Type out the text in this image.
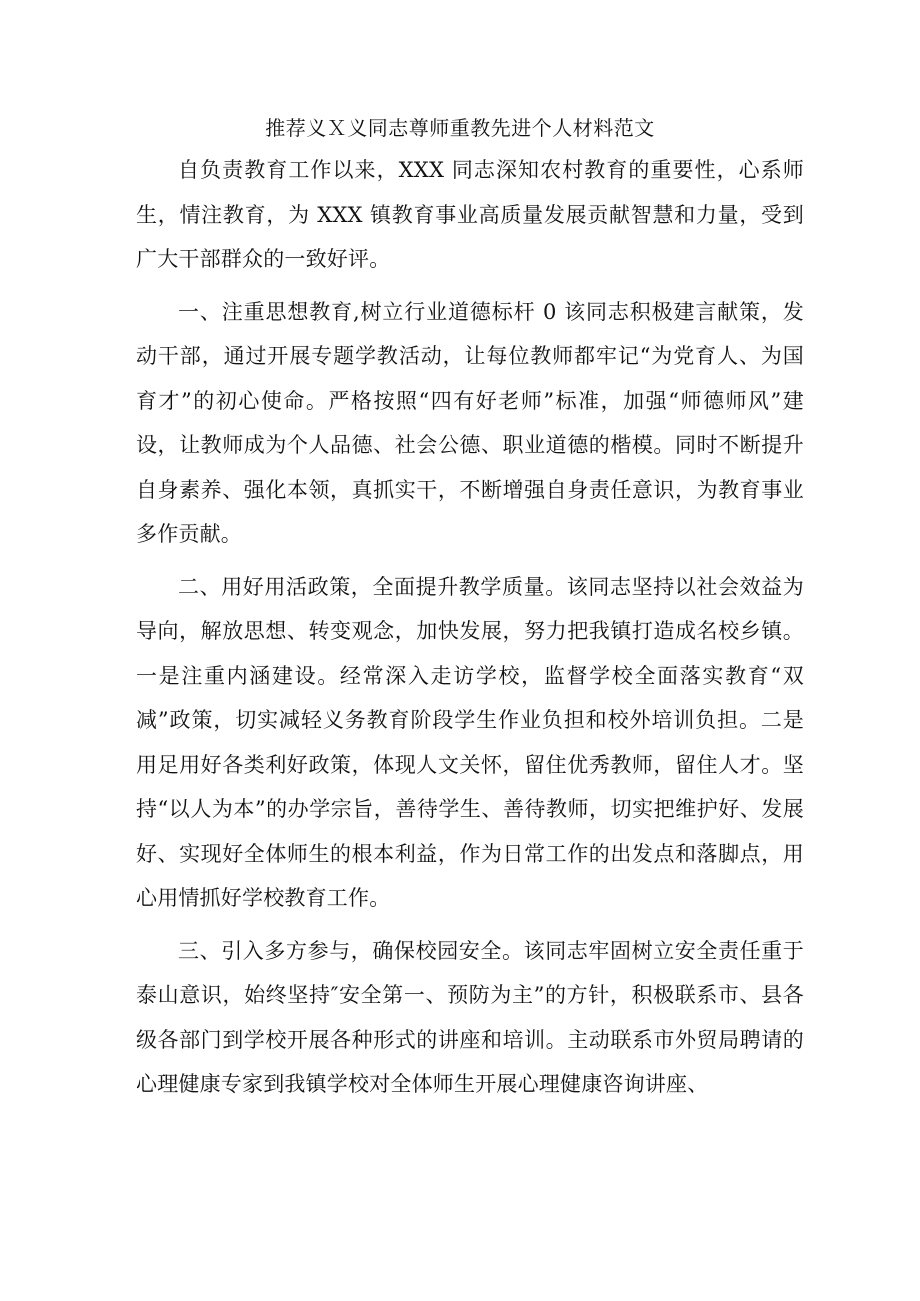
推荐义Ｘ义同志尊师重教先进个人材料范文

自负责教育工作以来，XXX 同志深知农村教育的重要性，心系师生，情注教育，为 XXX 镇教育事业高质量发展贡献智慧和力量，受到广大干部群众的一致好评。

一、注重思想教育,树立行业道德标杆 0 该同志积极建言献策，发动干部，通过开展专题学教活动，让每位教师都牢记“为党育人、为国育才”的初心使命。严格按照“四有好老师”标准，加强“师德师风”建设，让教师成为个人品德、社会公德、职业道德的楷模。同时不断提升自身素养、强化本领，真抓实干，不断增强自身责任意识，为教育事业多作贡献。

二、用好用活政策，全面提升教学质量。该同志坚持以社会效益为导向，解放思想、转变观念，加快发展，努力把我镇打造成名校乡镇。一是注重内涵建设。经常深入走访学校，监督学校全面落实教育“双减”政策，切实减轻义务教育阶段学生作业负担和校外培训负担。二是用足用好各类利好政策，体现人文关怀，留住优秀教师，留住人才。坚持“以人为本”的办学宗旨，善待学生、善待教师，切实把维护好、发展好、实现好全体师生的根本利益，作为日常工作的出发点和落脚点，用心用情抓好学校教育工作。

三、引入多方参与，确保校园安全。该同志牢固树立安全责任重于泰山意识，始终坚持″安全第一、预防为主”的方针，积极联系市、县各级各部门到学校开展各种形式的讲座和培训。主动联系市外贸局聘请的心理健康专家到我镇学校对全体师生开展心理健康咨询讲座、
